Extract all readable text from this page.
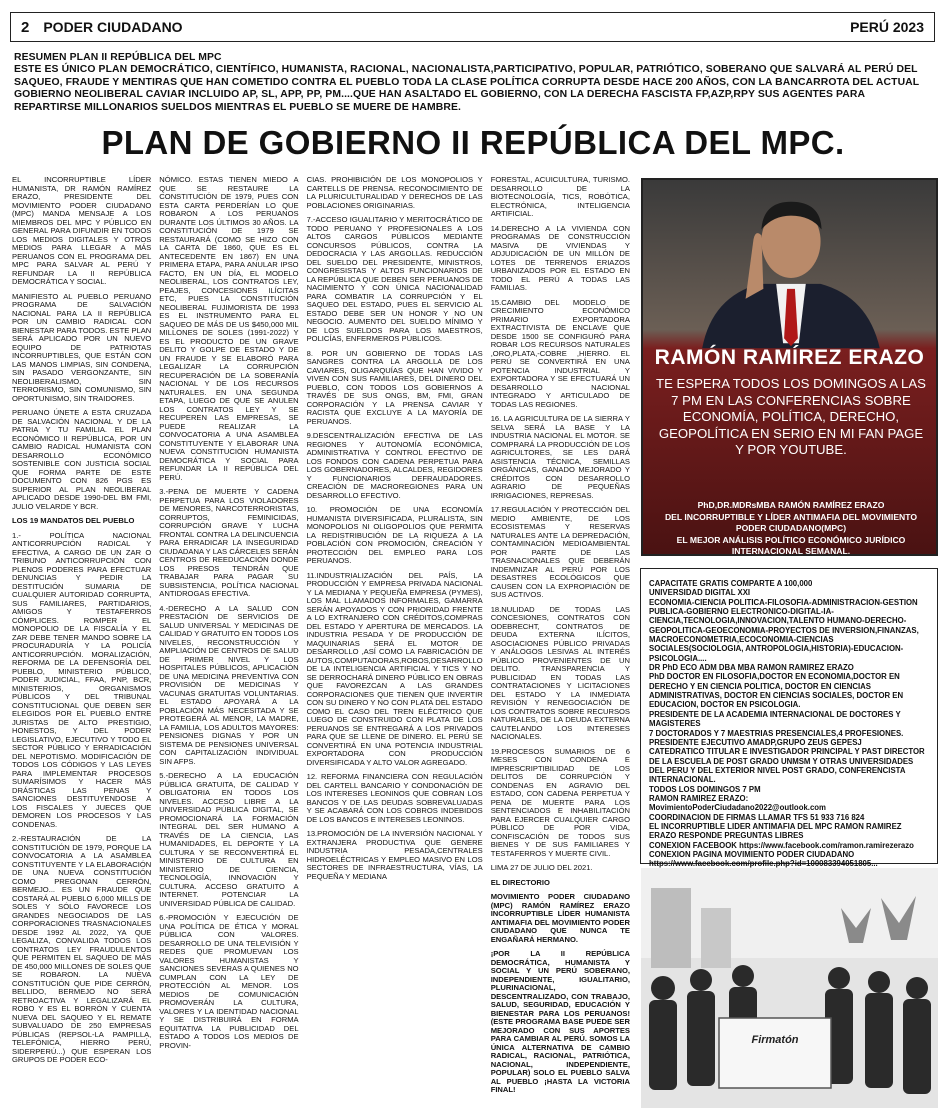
2 PODER CIUDADANO	PERÚ 2023
RESUMEN PLAN II REPÚBLICA DEL MPC
ESTE ES ÚNICO PLAN DEMOCRÁTICO, CIENTÍFICO, HUMANISTA, RACIONAL, NACIONALISTA,PARTICIPATIVO, POPULAR, PATRIÓTICO, SOBERANO QUE SALVARÁ AL PERÚ DEL SAQUEO, FRAUDE Y MENTIRAS QUE HAN COMETIDO CONTRA EL PUEBLO TODA LA CLASE POLÍTICA CORRUPTA DESDE HACE 200 AÑOS, CON LA BANCARROTA DEL ACTUAL GOBIERNO NEOLIBERAL CAVIAR INCLUIDO AP, SL, APP, PP, PM....QUE HAN ASALTADO EL GOBIERNO, CON LA DERECHA FASCISTA FP,AZP,RPY SUS AGENTES PARA REPARTIRSE MILLONARIOS SUELDOS MIENTRAS EL PUEBLO SE MUERE DE HAMBRE.
PLAN DE GOBIERNO II REPÚBLICA DEL MPC.

EL INCORRUPTIBLE LÍDER HUMANISTA, DR RAMÓN RAMÍREZ ERAZO, PRESIDENTE DEL MOVIMIENTO PODER CIUDADANO (MPC) MANDA MENSAJE A LOS MIEMBROS DEL MPC Y PÚBLICO EN GENERAL PARA DIFUNDIR EN TODOS LOS MEDIOS DIGITALES Y OTROS MEDIOS PARA LLEGAR A MÁS PERUANOS CON EL PROGRAMA DEL MPC PARA SALVAR AL PERÚ Y REFUNDAR LA II REPÚBLICA DEMOCRÁTICA Y SOCIAL.

MANIFIESTO AL PUEBLO PERUANO PROGRAMA DE SALVACIÓN NACIONAL PARA LA II REPÚBLICA POR UN CAMBIO RADICAL CON BIENESTAR PARA TODOS. ESTE PLAN SERÁ APLICADO POR UN NUEVO EQUIPO DE PATRIOTAS INCORRUPTIBLES, QUE ESTÁN CON LAS MANOS LIMPIAS, SIN CONDENA, SIN PASADO VERGONZANTE, SIN NEOLIBERALISMO, SIN TERRORISMO, SIN COMUNISMO, SIN OPORTUNISMO, SIN TRAIDORES.

PERUANO ÚNETE A ESTA CRUZADA DE SALVACIÓN NACIONAL Y DE LA PATRIA Y TU FAMILIA. EL PLAN ECONÓMICO II REPÚBLICA, POR UN CAMBIO RADICAL HUMANISTA CON DESARROLLO ECONÓMICO SOSTENIBLE CON JUSTICIA SOCIAL QUE FORMA PARTE DE ESTE DOCUMENTO CON 826 PGS ES SUPERIOR AL PLAN NEOLIBERAL APLICADO DESDE 1990-DEL BM FMI, JULIO VELARDE Y BCR.

LOS 19 MANDATOS DEL PUEBLO

1.- POLÍTICA NACIONAL ANTICORRUPCIÓN RADICAL Y EFECTIVA, A CARGO DE UN ZAR O TRIBUNO ANTICORRUPCIÓN CON PLENOS PODERES PARA EFECTUAR DENUNCIAS Y PEDIR LA DESTITUCIÓN SUMARIA DE CUALQUIER AUTORIDAD CORRUPTA, SUS FAMILIARES, PARTIDARIOS, AMIGOS Y TESTAFERROS CÓMPLICES. ROMPER EL MONOPOLIO DE LA FISCALÍA Y EL ZAR DEBE TENER MANDO SOBRE LA PROCURADURÍA Y LA POLICÍA ANTICORRUPCIÓN. MORALIZACIÓN, REFORMA DE LA DEFENSORÍA DEL PUEBLO, MINISTERIO PÚBLICO, PODER JUDICIAL, FFAA, PNP, BCR, MINISTERIOS, ORGANISMOS PÚBLICOS Y DEL TRIBUNAL CONSTITUCIONAL QUE DEBEN SER ELEGIDOS POR EL PUEBLO ENTRE JURISTAS DE ALTO PRESTIGIO, HONESTOS, Y DEL PODER LEGISLATIVO, EJECUTIVO Y TODO EL SECTOR PÚBLICO Y ERRADICACIÓN DEL NEPOTISMO. MODIFICACIÓN DE TODOS LOS CÓDIGOS Y LAS LEYES PARA IMPLEMENTAR PROCESOS SUMARÍSIMOS Y HACER MÁS DRÁSTICAS LAS PENAS Y SANCIONES DESTITUYENDOSE A LOS FISCALES Y JUECES QUE DEMOREN LOS PROCESOS Y LAS CONDENAS.

2.-RESTAURACIÓN DE LA CONSTITUCIÓN DE 1979, PORQUE LA CONVOCATORIA A LA ASAMBLEA CONSTITUYENTE Y LA ELABORACIÓN DE UNA NUEVA CONSTITUCIÓN COMO PREGONAN CERRÓN, BERMEJO... ES UN FRAUDE QUE COSTARÁ AL PUEBLO 6,000 MILLS DE SOLES Y SÓLO FAVORECE LOS GRANDES NEGOCIADOS DE LAS CORPORACIONES TRASNACIONALES DESDE 1992 AL 2022, YA QUE LEGALIZA, CONVALIDA TODOS LOS CONTRATOS LEY FRAUDULENTOS QUE PERMITEN EL SAQUEO DE MÁS DE 450,000 MILLONES DE SOLES QUE SE ROBARON. LA NUEVA CONSTITUCIÓN QUE PIDE CERRÓN, BELLIDO, BERMEJO NO SERÁ RETROACTIVA Y LEGALIZARÁ EL ROBO Y ES EL BORRÓN Y CUENTA NUEVA DEL SAQUEO Y EL REMATE SUBVALUADO DE 250 EMPRESAS PÚBLICAS (REPSOL-LA PAMPILLA, TELEFÓNICA, HIERRO PERÚ, SIDERPERÚ...) QUE ESPERAN LOS GRUPOS DE PODER ECO-

NÓMICO. ESTAS TIENEN MIEDO A QUE SE RESTAURE LA CONSTITUCIÓN DE 1979, PUES CON ESTA CARTA PERDERÍAN LO QUE ROBARON A LOS PERUANOS DURANTE LOS ÚLTIMOS 30 AÑOS. LA CONSTITUCIÓN DE 1979 SE RESTAURARÁ (COMO SE HIZO CON LA CARTA DE 1860, QUE ES EL ANTECEDENTE EN 1867) EN UNA PRIMERA ETAPA, PARA ANULAR IPSO FACTO, EN UN DÍA, EL MODELO NEOLIBERAL, LOS CONTRATOS LEY, PEAJES, CONCESIONES ILÍCITAS ETC, PUES LA CONSTITUCIÓN NEOLIBERAL FUJIMORISTA DE 1993 ES EL INSTRUMENTO PARA EL SAQUEO DE MÁS DE US $450,000 MIL MILLONES DE SOLES (1991-2022) Y ES EL PRODUCTO DE UN GRAVE DELITO Y GOLPE DE ESTADO Y DE UN FRAUDE Y SE ELABORÓ PARA LEGALIZAR LA CORRUPCIÓN RECUPERACIÓN DE LA SOBERANÍA NACIONAL Y DE LOS RECURSOS NATURALES. EN UNA SEGUNDA ETAPA, LUEGO DE QUE SE ANULEN LOS CONTRATOS LEY Y SE RECUPEREN LAS EMPRESAS, SE PUEDE REALIZAR LA CONVOCATORIA A UNA ASAMBLEA CONSTITUYENTE Y ELABORAR UNA NUEVA CONSTITUCIÓN HUMANISTA DEMOCRÁTICA Y SOCIAL PARA REFUNDAR LA II REPÚBLICA DEL PERÚ.

3.-PENA DE MUERTE Y CADENA PERPETUA PARA LOS VIOLADORES DE MENORES, NARCOTERRORISTAS, CORRUPTOS, FEMINICIDAS, CORRUPCIÓN GRAVE Y LUCHA FRONTAL CONTRA LA DELINCUENCIA PARA ERRADICAR LA INSEGURIDAD CIUDADANA Y LAS CÁRCELES SERÁN CENTROS DE REEDUCACIÓN DONDE LOS PRESOS TENDRÁN QUE TRABAJAR PARA PAGAR SU SUBSISTENCIA, POLÍTICA NACIONAL ANTIDROGAS EFECTIVA.

4.-DERECHO A LA SALUD CON PRESTACIÓN DE SERVICIOS DE SALUD UNIVERSAL Y MEDICINAS DE CALIDAD Y GRATUITO EN TODOS LOS NIVELES, RECONSTRUCCIÓN Y AMPLIACIÓN DE CENTROS DE SALUD DE PRIMER NIVEL Y LOS HOSPITALES PÚBLICOS, APLICACIÓN DE UNA MEDICINA PREVENTIVA CON PROVISIÓN DE MEDICINAS Y VACUNAS GRATUITAS VOLUNTARIAS. EL ESTADO APOYARÁ A LA POBLACIÓN MÁS NECESITADA Y SE PROTEGERÁ AL MENOR, LA MADRE, LA FAMILIA, LOS ADULTOS MAYORES: PENSIONES DIGNAS Y POR UN SISTEMA DE PENSIONES UNIVERSAL CON CAPITALIZACIÓN INDIVIDUAL SIN AFPS.

5.-DERECHO A LA EDUCACIÓN PÚBLICA GRATUITA, DE CALIDAD Y OBLIGATORIA EN TODOS LOS NIVELES. ACCESO LIBRE A LA UNIVERSIDAD PÚBLICA DIGITAL, SE PROMOCIONARÁ LA FORMACIÓN INTEGRAL DEL SER HUMANO A TRAVÉS DE LA CIENCIA, LAS HUMANIDADES, EL DEPORTE Y LA CULTURA Y SE RECONVERTIRÁ EL MINISTERIO DE CULTURA EN MINISTERIO DE CIENCIA, TECNOLOGÍA, INNOVACIÓN Y CULTURA. ACCESO GRATUITO A INTERNET. POTENCIAR LA UNIVERSIDAD PÚBLICA DE CALIDAD.

6.-PROMOCIÓN Y EJECUCIÓN DE UNA POLÍTICA DE ÉTICA Y MORAL PÚBLICA CON VALORES. DESARROLLO DE UNA TELEVISIÓN Y REDES QUE PROMUEVAN LOS VALORES HUMANISTAS Y SANCIONES SEVERAS A QUIENES NO CUMPLAN CON LA LEY DE PROTECCIÓN AL MENOR. LOS MEDIOS DE COMUNICACIÓN PROMOVERÁN LA CULTURA, VALORES Y LA IDENTIDAD NACIONAL Y SE DISTRIBUIRÁ EN FORMA EQUITATIVA LA PUBLICIDAD DEL ESTADO A TODOS LOS MEDIOS DE PROVIN-

CIAS. PROHIBICIÓN DE LOS MONOPOLIOS Y CARTELLS DE PRENSA. RECONOCIMIENTO DE LA PLURICULTURALIDAD Y DERECHOS DE LAS POBLACIONES ORIGINARIAS.

7.-ACCESO IGUALITARIO Y MERITOCRÁTICO DE TODO PERUANO Y PROFESIONALES A LOS ALTOS CARGOS PÚBLICOS MEDIANTE CONCURSOS PÚBLICOS, CONTRA LA DEDOCRACIA Y LAS ARGOLLAS. REDUCCIÓN DEL SUELDO DEL PRESIDENTE, MINISTROS, CONGRESISTAS Y ALTOS FUNCIONARIOS DE LA REPÚBLICA QUE DEBEN SER PERUANOS DE NACIMIENTO Y CON ÚNICA NACIONALIDAD PARA COMBATIR LA CORRUPCIÓN Y EL SAQUEO DEL ESTADO, PUES EL SERVICIO AL ESTADO DEBE SER UN HONOR Y NO UN NEGOCIO. AUMENTO DEL SUELDO MÍNIMO Y DE LOS SUELDOS PARA LOS MAESTROS, POLICÍAS, ENFERMEROS PÚBLICOS.

8. POR UN GOBIERNO DE TODAS LAS SANGRES CONTRA LA ARGOLLA DE LOS CAVIARES, OLIGARQUÍAS QUE HAN VIVIDO Y VIVEN CON SUS FAMILIARES, DEL DINERO DEL PUEBLO, CON TODOS LOS GOBIERNOS A TRAVÉS DE SUS ONGS, BM, FMI, GRAN CORPORACIÓN Y LA PRENSA CAVIAR Y RACISTA QUE EXCLUYE A LA MAYORÍA DE PERUANOS.

9.DESCENTRALIZACIÓN EFECTIVA DE LAS REGIONES Y AUTONOMÍA ECONÓMICA, ADMINISTRATIVA Y CONTROL EFECTIVO DE LOS FONDOS CON CADENA PERPETUA PARA LOS GOBERNADORES, ALCALDES, REGIDORES Y FUNCIONARIOS DEFRAUDADORES. CREACIÓN DE MACROREGIONES PARA UN DESARROLLO EFECTIVO.

10. PROMOCIÓN DE UNA ECONOMÍA HUMANISTA DIVERSIFICADA, PLURALISTA, SIN MONOPOLIOS NI OLIGOPOLIOS QUE PERMITA LA REDISTRIBUCIÓN DE LA RIQUEZA A LA POBLACIÓN CON PROMOCIÓN, CREACIÓN Y PROTECCIÓN DEL EMPLEO PARA LOS PERUANOS.

11.INDUSTRIALIZACIÓN DEL PAÍS, LA PRODUCCIÓN Y EMPRESA PRIVADA NACIONAL Y LA MEDIANA Y PEQUEÑA EMPRESA (PYMES), LOS MAL LLAMADOS INFORMALES, GAMARRA SERÁN APOYADOS Y CON PRIORIDAD FRENTE A LO EXTRANJERO CON CRÉDITOS,COMPRAS DEL ESTADO Y APERTURA DE MERCADOS. LA INDUSTRIA PESADA Y DE PRODUCCIÓN DE MAQUINARIAS SERÁ EL MOTOR DE DESARROLLO ,ASÍ COMO LA FABRICACIÓN DE AUTOS,COMPUTADORAS,ROBOS,DESARROLLO DE LA INTELIGENCIA ARTIFICIAL Y TICS Y NO SE DERROCHARÁ DINERO PÚBLICO EN OBRAS QUE FAVOREZCAN A LAS GRANDES CORPORACIONES QUE TIENEN QUE INVERTIR CON SU DINERO Y NO CON PLATA DEL ESTADO COMO EL CASO DEL TREN ELÉCTRICO QUE LUEGO DE CONSTRUIDO CON PLATA DE LOS PERUANOS SE ENTREGARÁ A LOS PRIVADOS PARA QUE SE LLENE DE DINERO. EL PERÚ SE CONVERTIRÁ EN UNA POTENCIA INDUSTRIAL EXPORTADORA CON PRODUCCIÓN DIVERSIFICADA Y ALTO VALOR AGREGADO.

12. REFORMA FINANCIERA CON REGULACIÓN DEL CARTELL BANCARIO Y CONDONACIÓN DE LOS INTERESES LEONINOS QUE COBRAN LOS BANCOS Y DE LAS DEUDAS SOBREVALUADAS Y SE ACABARÁ CON LOS COBROS INDEBIDOS DE LOS BANCOS E INTERESES LEONINOS.

13.PROMOCIÓN DE LA INVERSIÓN NACIONAL Y EXTRANJERA PRODUCTIVA QUE GENERE INDUSTRIA PESADA,CENTRALES HIDROELÉCTRICAS Y EMPLEO MASIVO EN LOS SECTORES DE INFRAESTRUCTURA, VÍAS, LA PEQUEÑA Y MEDIANA

FORESTAL, ACUICULTURA, TURISMO. DESARROLLO DE LA BIOTECNOLOGÍA, TICS, ROBÓTICA, ELECTRÓNICA, INTELIGENCIA ARTIFICIAL.

14.DERECHO A LA VIVIENDA CON PROGRAMAS DE CONSTRUCCIÓN MASIVA DE VIVIENDAS Y ADJUDICACIÓN DE UN MILLÓN DE LOTES DE TERRENOS ERIAZOS URBANIZADOS POR EL ESTADO EN TODO EL PERÚ A TODAS LAS FAMILIAS.

15.CAMBIO DEL MODELO DE CRECIMIENTO ECONÓMICO PRIMARIO EXPORTADORA EXTRACTIVISTA DE ENCLAVE QUE DESDE 1500 SE CONFIGURÓ PARA ROBAR LOS RECURSOS NATURALES ,ORO,PLATA,-COBRE ,HIERRO. EL PERÚ SE CONVERTIRÁ EN UNA POTENCIA INDUSTRIAL Y EXPORTADORA Y SE EFECTUARÁ UN DESARROLLO NACIONAL INTEGRADO Y ARTICULADO DE TODAS LAS REGIONES.

16. LA AGRICULTURA DE LA SIERRA Y SELVA SERÁ LA BASE Y LA INDUSTRIA NACIONAL EL MOTOR. SE COMPRARÁ LA PRODUCCIÓN DE LOS AGRICULTORES, SE LES DARÁ ASISTENCIA TÉCNICA, SEMILLAS ORGÁNICAS, GANADO MEJORADO Y CRÉDITOS CON DESARROLLO AGRARIO DE PEQUEÑAS IRRIGACIONES, REPRESAS.

17.REGULACIÓN Y PROTECCIÓN DEL MEDIO AMBIENTE, DE LOS ECOSISTEMAS Y RESERVAS NATURALES ANTE LA DEPREDACIÓN, CONTAMINACIÓN MEDIOAMBIENTAL POR PARTE DE LAS TRASNACIONALES QUE DEBERÁN INDEMNIZAR AL PERÚ POR LOS DESASTRES ECOLÓGICOS QUE CAUSEN CON LA EXPROPIACIÓN DE SUS ACTIVOS.

18.NULIDAD DE TODAS LAS CONCESIONES, CONTRATOS CON ODEBRECHT, CONTRATOS DE DEUDA EXTERNA ILÍCITOS, ASOCIACIONES PÚBLICO PRIVADAS Y ANÁLOGOS LESIVAS AL INTERÉS PÚBLICO PROVENIENTES DE UN DELITO. TRANSPARENCIA Y PUBLICIDAD EN TODAS LAS CONTRATACIONES Y LICITACIONES DEL ESTADO Y LA INMEDIATA REVISIÓN Y RENEGOCIACIÓN DE LOS CONTRATOS SOBRE RECURSOS NATURALES, DE LA DEUDA EXTERNA CAUTELANDO LOS INTERESES NACIONALES.

19.PROCESOS SUMARIOS DE 6 MESES CON CONDENA E IMPRESCRIPTIBILIDAD DE LOS DELITOS DE CORRUPCIÓN Y CONDENAS EN AGRAVIO DEL ESTADO, CON CADENA PERPETUA Y PENA DE MUERTE PARA LOS SENTENCIADOS E INHABILITACIÓN PARA EJERCER CUALQUIER CARGO PÚBLICO DE POR VIDA, CONFISCACIÓN DE TODOS SUS BIENES Y DE SUS FAMILIARES Y TESTAFERROS Y MUERTE CIVIL.

LIMA 27 DE JULIO DEL 2021.

EL DIRECTORIO

MOVIMIENTO PODER CIUDADANO (MPC) RAMÓN RAMÍREZ ERAZO INCORRUPTIBLE LÍDER HUMANISTA ANTIMAFIA DEL MOVIMIENTO PODER CIUDADANO QUE NUNCA TE ENGAÑARÁ HERMANO.

¡POR LA II REPÚBLICA DEMOCRÁTICA, HUMANISTA Y SOCIAL Y UN PERÚ SOBERANO, INDEPENDIENTE, IGUALITARIO, PLURINACIONAL, DESCENTRALIZADO, CON TRABAJO, SALUD, SEGURIDAD, EDUCACIÓN Y BIENESTAR PARA LOS PERUANOS! (ESTE PROGRAMA BASE PUEDE SER MEJORADO CON SUS APORTES PARA CAMBIAR AL PERÚ. SOMOS LA ÚNICA ALTERNATIVA DE CAMBIO RADICAL, RACIONAL, PATRIÓTICA, NACIONAL, INDEPENDIENTE, POPULAR) SOLO EL PUEBLO SALVA AL PUEBLO ¡HASTA LA VICTORIA FINAL!

RAMÓN RAMÍREZ ERAZO
TE ESPERA TODOS LOS DOMINGOS A LAS 7 PM EN LAS CONFERENCIAS SOBRE ECONOMÍA, POLÍTICA, DERECHO, GEOPOLÍTICA EN SERIO EN MI FAN PAGE Y POR YOUTUBE.
PhD,DR.MDRsMBA RAMÓN RAMÍREZ ERAZO
DEL INCORRUPTIBLE Y LÍDER ANTIMAFIA DEL MOVIMIENTO PODER CIUDADANO(MPC)
EL MEJOR ANÁLISIS POLÍTICO ECONÓMICO JURÍDICO INTERNACIONAL SEMANAL.
CAPACITATE GRATIS COMPARTE A 100,000
UNIVERSIDAD DIGITAL XXI
ECONOMIA-CIENCIA POLITICA-FILOSOFIA-ADMINISTRACION-GESTION PUBLICA-GOBIERNO ELECTRONICO-DIGITAL-IA-CIENCIA,TECNOLOGIA,INNOVACION,TALENTO HUMANO-DERECHO-GEOPOLITICA-GEOECONOMIA-PROYECTOS DE INVERSION,FINANZAS, MACROECONOMETRIA,ECOCONOMIA-CIENCIAS SOCIALES(SOCIOLOGIA, ANTROPOLOGIA,HISTORIA)-EDUCACION-PSICOLOGIA....
DR PhD ECO ADM DBA MBA RAMON RAMIREZ ERAZO
PhD DOCTOR EN FILOSOFIA,DOCTOR EN ECONOMIA,DOCTOR EN DERECHO Y EN CIENCIA POLITICA, DOCTOR EN CIENCIAS ADMINISTRATIVAS, DOCTOR EN CIENCIAS SOCIALES, DOCTOR EN EDUCACION, DOCTOR EN PSICOLOGIA.
PRESIDENTE DE LA ACADEMIA INTERNACIONAL DE DOCTORES Y MAGISTERES
7 DOCTORADOS Y 7 MAESTRIAS PRESENCIALES,4 PROFESIONES.
PRESIDENTE EJECUTIVO AMADP,GRUPO ZEUS GEPESJ
CATEDRATICO TITULAR E INVESTIGADOR PRINCIPAL Y PAST DIRECTOR DE LA ESCUELA DE POST GRADO UNMSM Y OTRAS UNIVERSIDADES DEL PERU Y DEL EXTERIOR NIVEL POST GRADO, CONFERENCISTA INTERNACIONAL.
TODOS LOS DOMINGOS 7 PM
RAMON RAMIREZ ERAZO:
MovimientoPoderCiudadano2022@outlook.com
COORDINACION DE FIRMAS LLAMAR TFS 51 933 716 824
EL INCORRUPTIBLE LIDER ANTIMAFIA DEL MPC RAMON RAMIREZ ERAZO RESPONDE PREGUNTAS LIBRES
CONEXION FACEBOOK https://www.facebook.com/ramon.ramirezerazo
CONEXION PAGINA MOVIMIENTO PODER CIUDADANO
https://www.facebook.com/profile.php?id=100083394051805...
Firmatón
